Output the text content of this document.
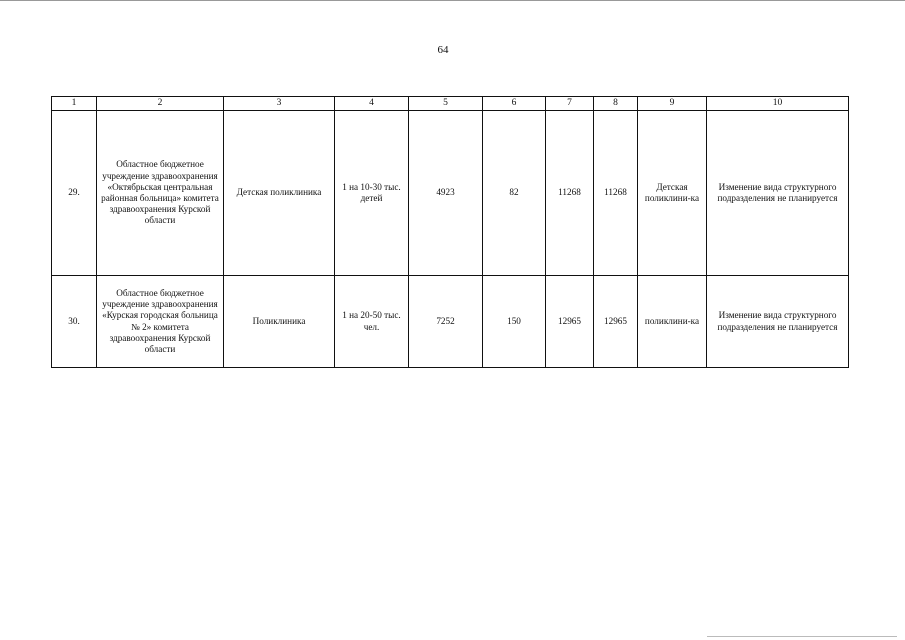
64
1	2	3	4	5	6	7	8	9	10
29.	Областное бюджетное учреждение здравоохранения «Октябрьская центральная районная больница» комитета здравоохранения Курской области	Детская поликлиника	1 на 10-30 тыс. детей	4923	82	11268	11268	Детская поликлини-ка	Изменение вида структурного подразделения не планируется
30.	Областное бюджетное учреждение здравоохранения «Курская городская больница № 2» комитета здравоохранения Курской области	Поликлиника	1 на 20-50 тыс. чел.	7252	150	12965	12965	поликлини-ка	Изменение вида структурного подразделения не планируется
